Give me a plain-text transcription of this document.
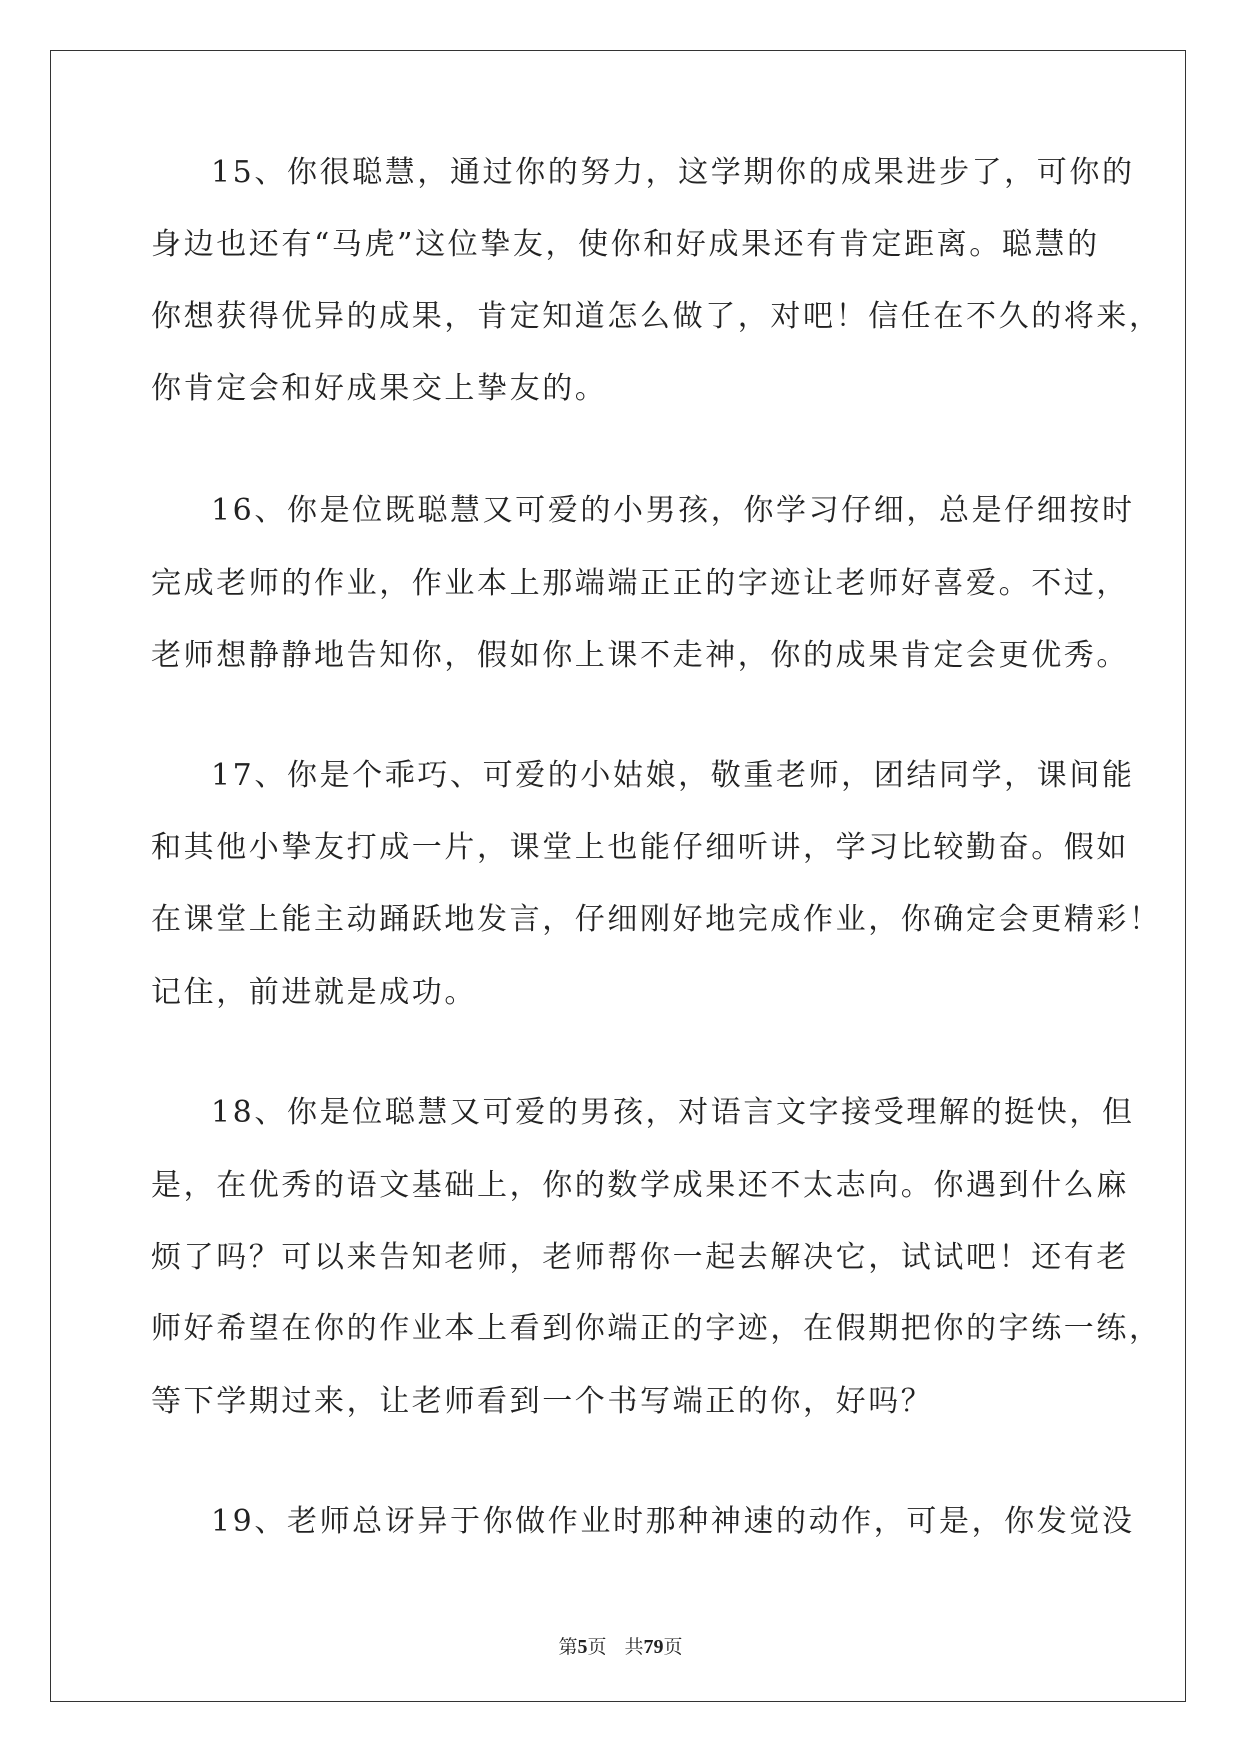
15、你很聪慧，通过你的努力，这学期你的成果进步了，可你的
身边也还有“马虎”这位挚友，使你和好成果还有肯定距离。聪慧的
你想获得优异的成果，肯定知道怎么做了，对吧！信任在不久的将来，
你肯定会和好成果交上挚友的。
16、你是位既聪慧又可爱的小男孩，你学习仔细，总是仔细按时
完成老师的作业，作业本上那端端正正的字迹让老师好喜爱。不过，
老师想静静地告知你，假如你上课不走神，你的成果肯定会更优秀。
17、你是个乖巧、可爱的小姑娘，敬重老师，团结同学，课间能
和其他小挚友打成一片，课堂上也能仔细听讲，学习比较勤奋。假如
在课堂上能主动踊跃地发言，仔细刚好地完成作业，你确定会更精彩！
记住，前进就是成功。
18、你是位聪慧又可爱的男孩，对语言文字接受理解的挺快，但
是，在优秀的语文基础上，你的数学成果还不太志向。你遇到什么麻
烦了吗？可以来告知老师，老师帮你一起去解决它，试试吧！还有老
师好希望在你的作业本上看到你端正的字迹，在假期把你的字练一练，
等下学期过来，让老师看到一个书写端正的你，好吗？
19、老师总讶异于你做作业时那种神速的动作，可是，你发觉没
第5页 共79页
